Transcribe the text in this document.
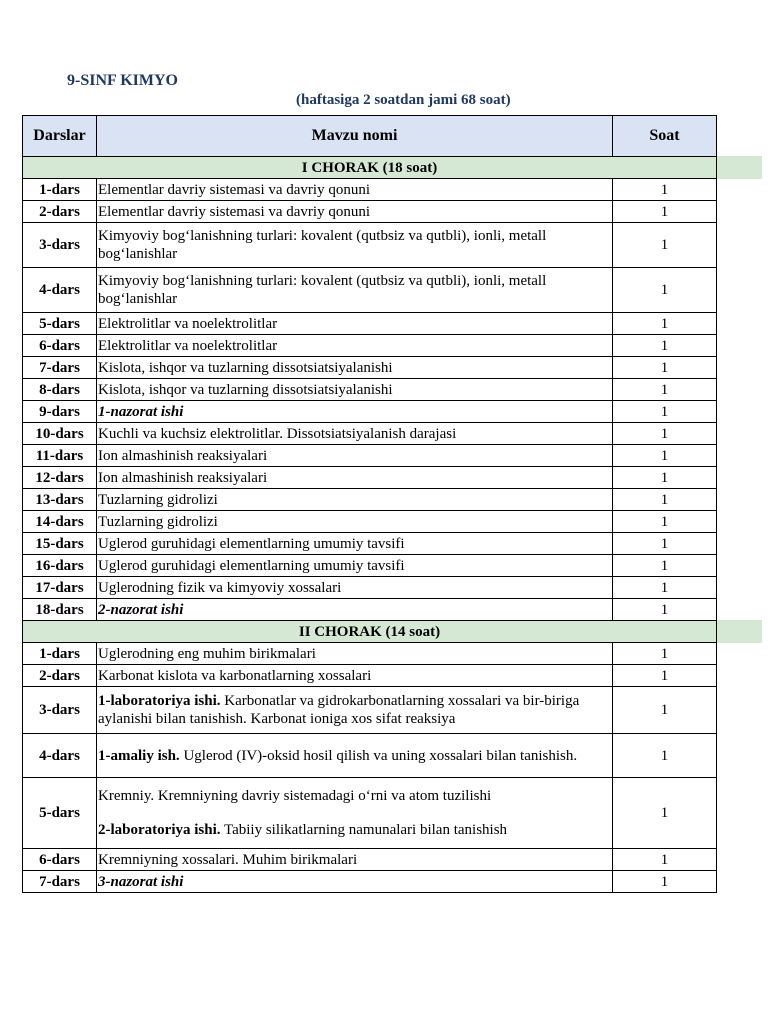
9-SINF KIMYO
(haftasiga 2 soatdan jami 68 soat)
Darslar	Mavzu nomi	Soat

I CHORAK (18 soat)		

1-dars	Elementlar davriy sistemasi va davriy qonuni	1
2-dars	Elementlar davriy sistemasi va davriy qonuni	1
3-dars	Kimyoviy bog‘lanishning turlari: kovalent (qutbsiz va qutbli), ionli, metall bog‘lanishlar	1
4-dars	Kimyoviy bog‘lanishning turlari: kovalent (qutbsiz va qutbli), ionli, metall bog‘lanishlar	1
5-dars	Elektrolitlar va noelektrolitlar	1
6-dars	Elektrolitlar va noelektrolitlar	1
7-dars	Kislota, ishqor va tuzlarning dissotsiatsiyalanishi	1
8-dars	Kislota, ishqor va tuzlarning dissotsiatsiyalanishi	1
9-dars	1-nazorat ishi	1
10-dars	Kuchli va kuchsiz elektrolitlar. Dissotsiatsiyalanish darajasi	1
11-dars	Ion almashinish reaksiyalari	1
12-dars	Ion almashinish reaksiyalari	1
13-dars	Tuzlarning gidrolizi	1
14-dars	Tuzlarning gidrolizi	1
15-dars	Uglerod guruhidagi elementlarning umumiy tavsifi	1
16-dars	Uglerod guruhidagi elementlarning umumiy tavsifi	1
17-dars	Uglerodning fizik va kimyoviy xossalari	1
18-dars	2-nazorat ishi	1

II CHORAK (14 soat)		

1-dars	Uglerodning eng muhim birikmalari	1
2-dars	Karbonat kislota va karbonatlarning xossalari	1
3-dars	1-laboratoriya ishi. Karbonatlar va gidrokarbonatlarning xossalari va bir-biriga aylanishi bilan tanishish. Karbonat ioniga xos sifat reaksiya	1
4-dars	1-amaliy ish. Uglerod (IV)-oksid hosil qilish va uning xossalari bilan tanishish.	1
5-dars	Kremniy. Kremniyning davriy sistemadagi o‘rni va atom tuzilishi
2-laboratoriya ishi. Tabiiy silikatlarning namunalari bilan tanishish	1
6-dars	Kremniyning xossalari. Muhim birikmalari	1
7-dars	3-nazorat ishi	1
